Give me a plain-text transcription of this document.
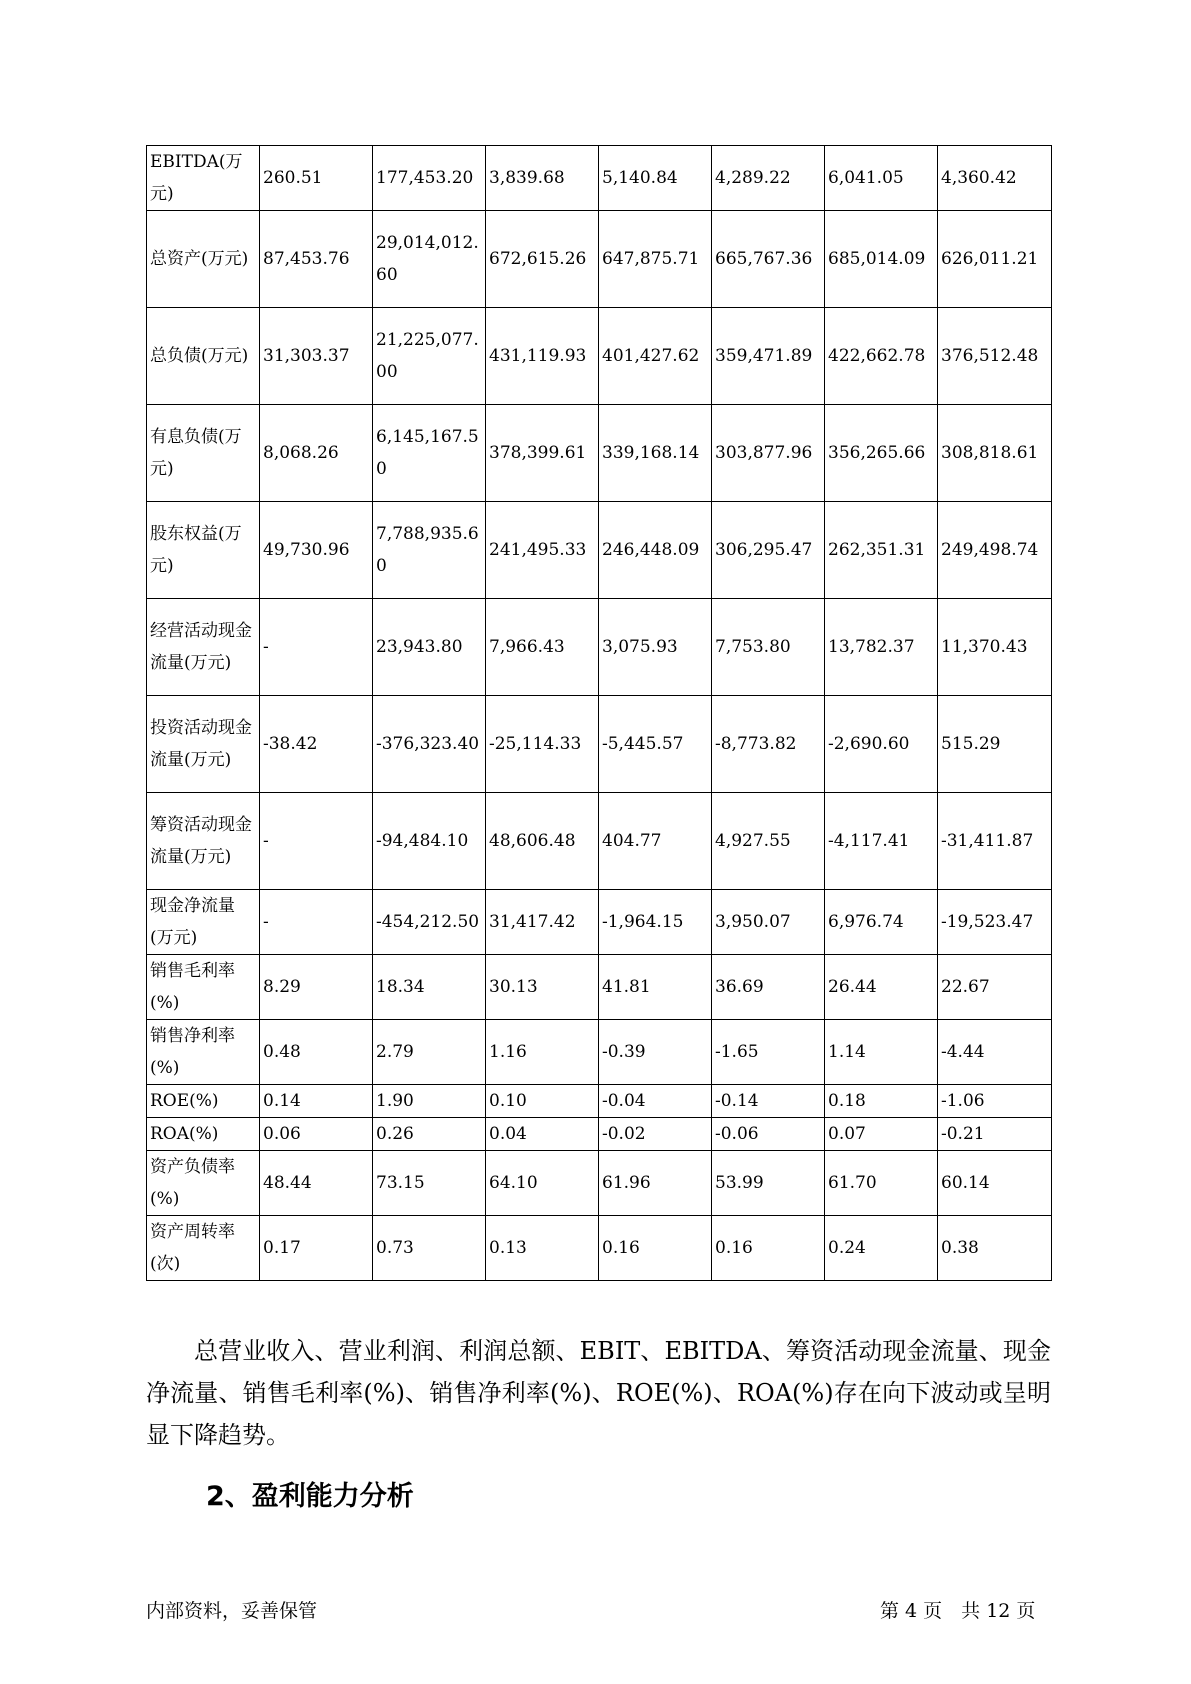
EBITDA(万元)	260.51	177,453.20	3,839.68	5,140.84	4,289.22	6,041.05	4,360.42
总资产(万元)	87,453.76	29,014,012.60	672,615.26	647,875.71	665,767.36	685,014.09	626,011.21
总负债(万元)	31,303.37	21,225,077.00	431,119.93	401,427.62	359,471.89	422,662.78	376,512.48
有息负债(万元)	8,068.26	6,145,167.50	378,399.61	339,168.14	303,877.96	356,265.66	308,818.61
股东权益(万元)	49,730.96	7,788,935.60	241,495.33	246,448.09	306,295.47	262,351.31	249,498.74
经营活动现金流量(万元)	-	23,943.80	7,966.43	3,075.93	7,753.80	13,782.37	11,370.43
投资活动现金流量(万元)	-38.42	-376,323.40	-25,114.33	-5,445.57	-8,773.82	-2,690.60	515.29
筹资活动现金流量(万元)	-	-94,484.10	48,606.48	404.77	4,927.55	-4,117.41	-31,411.87
现金净流量(万元)	-	-454,212.50	31,417.42	-1,964.15	3,950.07	6,976.74	-19,523.47
销售毛利率(%)	8.29	18.34	30.13	41.81	36.69	26.44	22.67
销售净利率(%)	0.48	2.79	1.16	-0.39	-1.65	1.14	-4.44
ROE(%)	0.14	1.90	0.10	-0.04	-0.14	0.18	-1.06
ROA(%)	0.06	0.26	0.04	-0.02	-0.06	0.07	-0.21
资产负债率(%)	48.44	73.15	64.10	61.96	53.99	61.70	60.14
资产周转率(次)	0.17	0.73	0.13	0.16	0.16	0.24	0.38

总营业收入、营业利润、利润总额、EBIT、EBITDA、筹资活动现金流量、现金净流量、销售毛利率(%)、销售净利率(%)、ROE(%)、ROA(%)存在向下波动或呈明显下降趋势。

2、盈利能力分析
内部资料，妥善保管	第 4 页　共 12 页
